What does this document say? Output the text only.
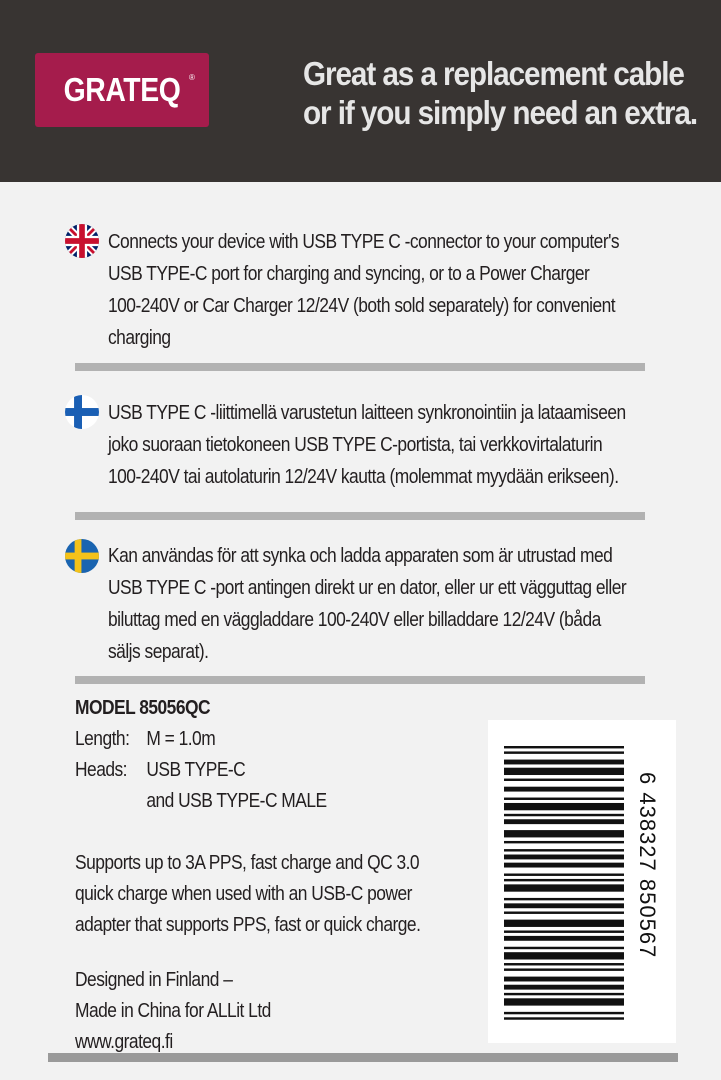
GRATEQ	®	Great as a replacement cable
or if you simply need an extra.
Connects your device with USB TYPE C -connector to your computer's
USB TYPE-C port for charging and syncing, or to a Power Charger
100-240V or Car Charger 12/24V (both sold separately) for convenient
charging
USB TYPE C -liittimellä varustetun laitteen synkronointiin ja lataamiseen
joko suoraan tietokoneen USB TYPE C-portista, tai verkkovirtalaturin
100-240V tai autolaturin 12/24V kautta (molemmat myydään erikseen).
Kan användas för att synka och ladda apparaten som är utrustad med
USB TYPE C -port antingen direkt ur en dator, eller ur ett vägguttag eller
biluttag med en väggladdare 100-240V eller billaddare 12/24V (båda
säljs separat).
MODEL 85056QC
Length: M = 1.0m
Heads: USB TYPE-C
and USB TYPE-C MALE
Supports up to 3A PPS, fast charge and QC 3.0
quick charge when used with an USB-C power
adapter that supports PPS, fast or quick charge.
Designed in Finland –
Made in China for ALLit Ltd
www.grateq.fi
6 438327 850567
